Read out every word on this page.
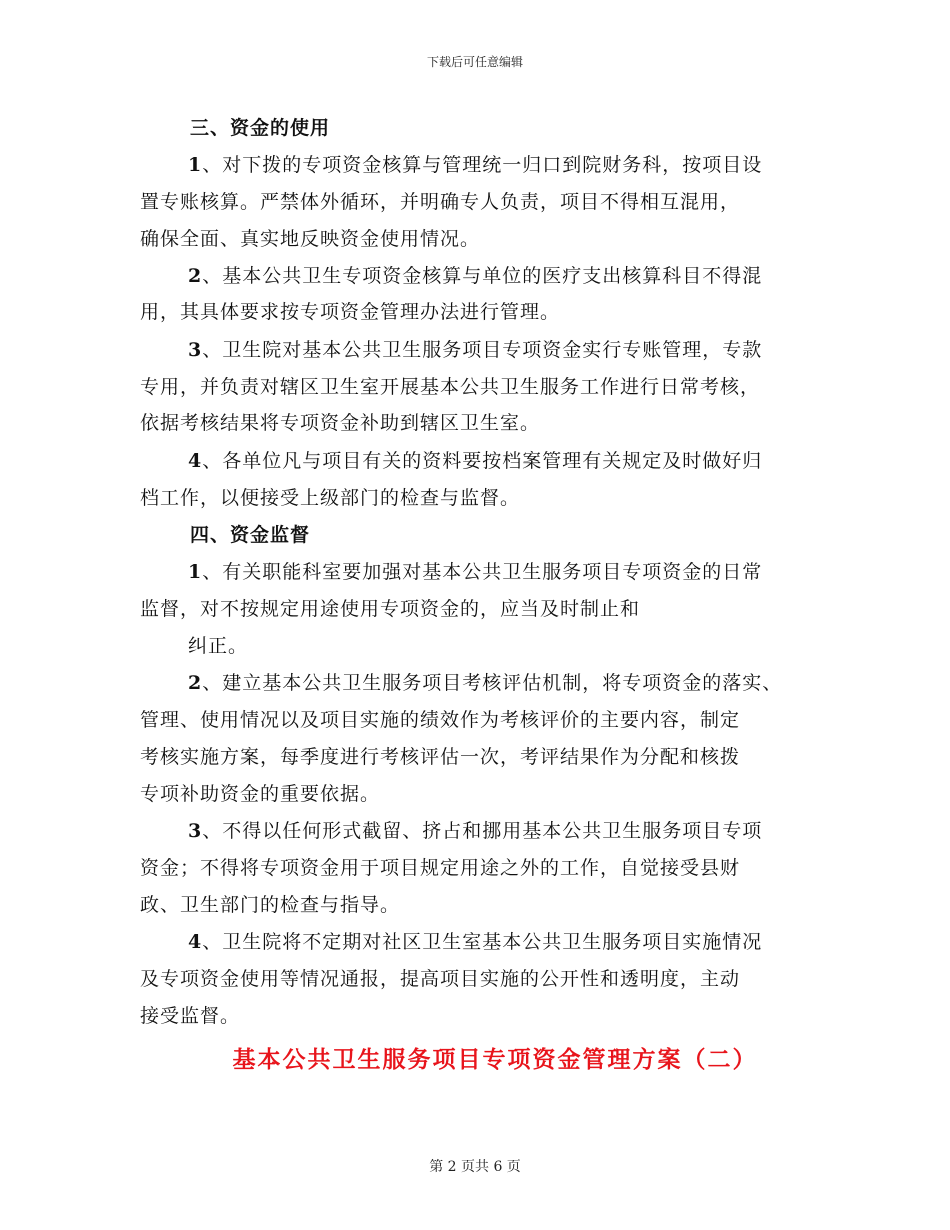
下载后可任意编辑
三、资金的使用
1、对下拨的专项资金核算与管理统一归口到院财务科，按项目设
置专账核算。严禁体外循环，并明确专人负责，项目不得相互混用，
确保全面、真实地反映资金使用情况。
2、基本公共卫生专项资金核算与单位的医疗支出核算科目不得混
用，其具体要求按专项资金管理办法进行管理。
3、卫生院对基本公共卫生服务项目专项资金实行专账管理，专款
专用，并负责对辖区卫生室开展基本公共卫生服务工作进行日常考核，
依据考核结果将专项资金补助到辖区卫生室。
4、各单位凡与项目有关的资料要按档案管理有关规定及时做好归
档工作，以便接受上级部门的检查与监督。
四、资金监督
1、有关职能科室要加强对基本公共卫生服务项目专项资金的日常
监督，对不按规定用途使用专项资金的，应当及时制止和
纠正。
2、建立基本公共卫生服务项目考核评估机制，将专项资金的落实、
管理、使用情况以及项目实施的绩效作为考核评价的主要内容，制定
考核实施方案，每季度进行考核评估一次，考评结果作为分配和核拨
专项补助资金的重要依据。
3、不得以任何形式截留、挤占和挪用基本公共卫生服务项目专项
资金；不得将专项资金用于项目规定用途之外的工作，自觉接受县财
政、卫生部门的检查与指导。
4、卫生院将不定期对社区卫生室基本公共卫生服务项目实施情况
及专项资金使用等情况通报，提高项目实施的公开性和透明度，主动
接受监督。
基本公共卫生服务项目专项资金管理方案（二）
第 2 页共 6 页
